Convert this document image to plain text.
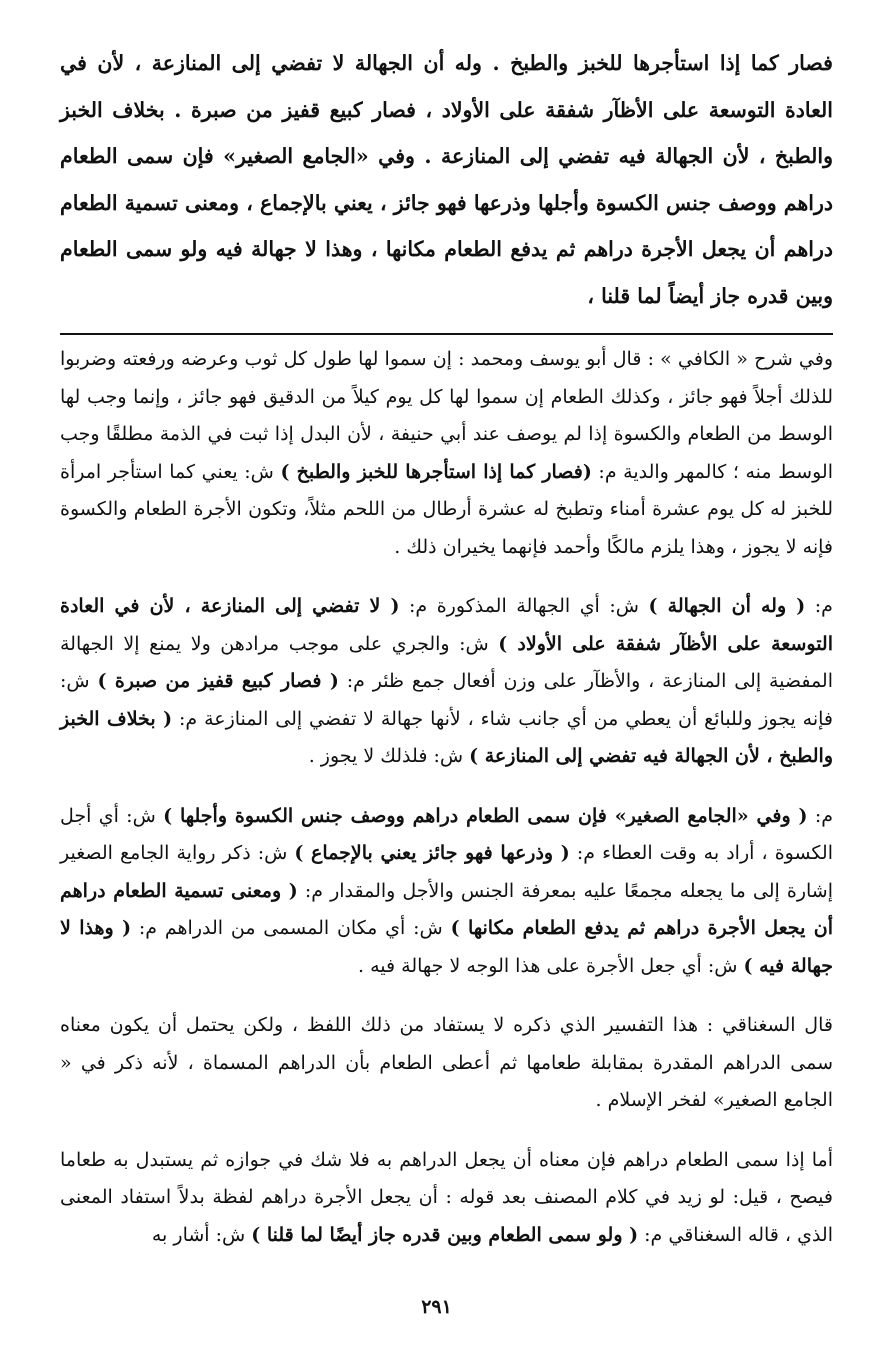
فصار كما إذا استأجرها للخبز والطبخ . وله أن الجهالة لا تفضي إلى المنازعة ، لأن في العادة التوسعة على الأظآر شفقة على الأولاد ، فصار كبيع قفيز من صبرة . بخلاف الخبز والطبخ ، لأن الجهالة فيه تفضي إلى المنازعة . وفي «الجامع الصغير» فإن سمى الطعام دراهم ووصف جنس الكسوة وأجلها وذرعها فهو جائز ، يعني بالإجماع ، ومعنى تسمية الطعام دراهم أن يجعل الأجرة دراهم ثم يدفع الطعام مكانها ، وهذا لا جهالة فيه ولو سمى الطعام وبين قدره جاز أيضاً لما قلنا ،

وفي شرح « الكافي » : قال أبو يوسف ومحمد : إن سموا لها طول كل ثوب وعرضه ورفعته وضربوا للذلك أجلاً فهو جائز ، وكذلك الطعام إن سموا لها كل يوم كيلاً من الدقيق فهو جائز ، وإنما وجب لها الوسط من الطعام والكسوة إذا لم يوصف عند أبي حنيفة ، لأن البدل إذا ثبت في الذمة مطلقًا وجب الوسط منه ؛ كالمهر والدية م: (فصار كما إذا استأجرها للخبز والطبخ ) ش: يعني كما استأجر امرأة للخبز له كل يوم عشرة أمناء وتطبخ له عشرة أرطال من اللحم مثلاً، وتكون الأجرة الطعام والكسوة فإنه لا يجوز ، وهذا يلزم مالكًا وأحمد فإنهما يخيران ذلك .

م: ( وله أن الجهالة ) ش: أي الجهالة المذكورة م: ( لا تفضي إلى المنازعة ، لأن في العادة التوسعة على الأظآر شفقة على الأولاد ) ش: والجري على موجب مرادهن ولا يمنع إلا الجهالة المفضية إلى المنازعة ، والأظآر على وزن أفعال جمع ظئر م: ( فصار كبيع قفيز من صبرة ) ش: فإنه يجوز وللبائع أن يعطي من أي جانب شاء ، لأنها جهالة لا تفضي إلى المنازعة م: ( بخلاف الخبز والطبخ ، لأن الجهالة فيه تفضي إلى المنازعة ) ش: فلذلك لا يجوز .

م: ( وفي «الجامع الصغير» فإن سمى الطعام دراهم ووصف جنس الكسوة وأجلها ) ش: أي أجل الكسوة ، أراد به وقت العطاء م: ( وذرعها فهو جائز يعني بالإجماع ) ش: ذكر رواية الجامع الصغير إشارة إلى ما يجعله مجمعًا عليه بمعرفة الجنس والأجل والمقدار م: ( ومعنى تسمية الطعام دراهم أن يجعل الأجرة دراهم ثم يدفع الطعام مكانها ) ش: أي مكان المسمى من الدراهم م: ( وهذا لا جهالة فيه ) ش: أي جعل الأجرة على هذا الوجه لا جهالة فيه .

قال السغناقي : هذا التفسير الذي ذكره لا يستفاد من ذلك اللفظ ، ولكن يحتمل أن يكون معناه سمى الدراهم المقدرة بمقابلة طعامها ثم أعطى الطعام بأن الدراهم المسماة ، لأنه ذكر في « الجامع الصغير» لفخر الإسلام .

أما إذا سمى الطعام دراهم فإن معناه أن يجعل الدراهم به فلا شك في جوازه ثم يستبدل به طعاما فيصح ، قيل: لو زيد في كلام المصنف بعد قوله : أن يجعل الأجرة دراهم لفظة بدلاً استفاد المعنى الذي ، قاله السغناقي م: ( ولو سمى الطعام وبين قدره جاز أيضًا لما قلنا ) ش: أشار به

٢٩١
